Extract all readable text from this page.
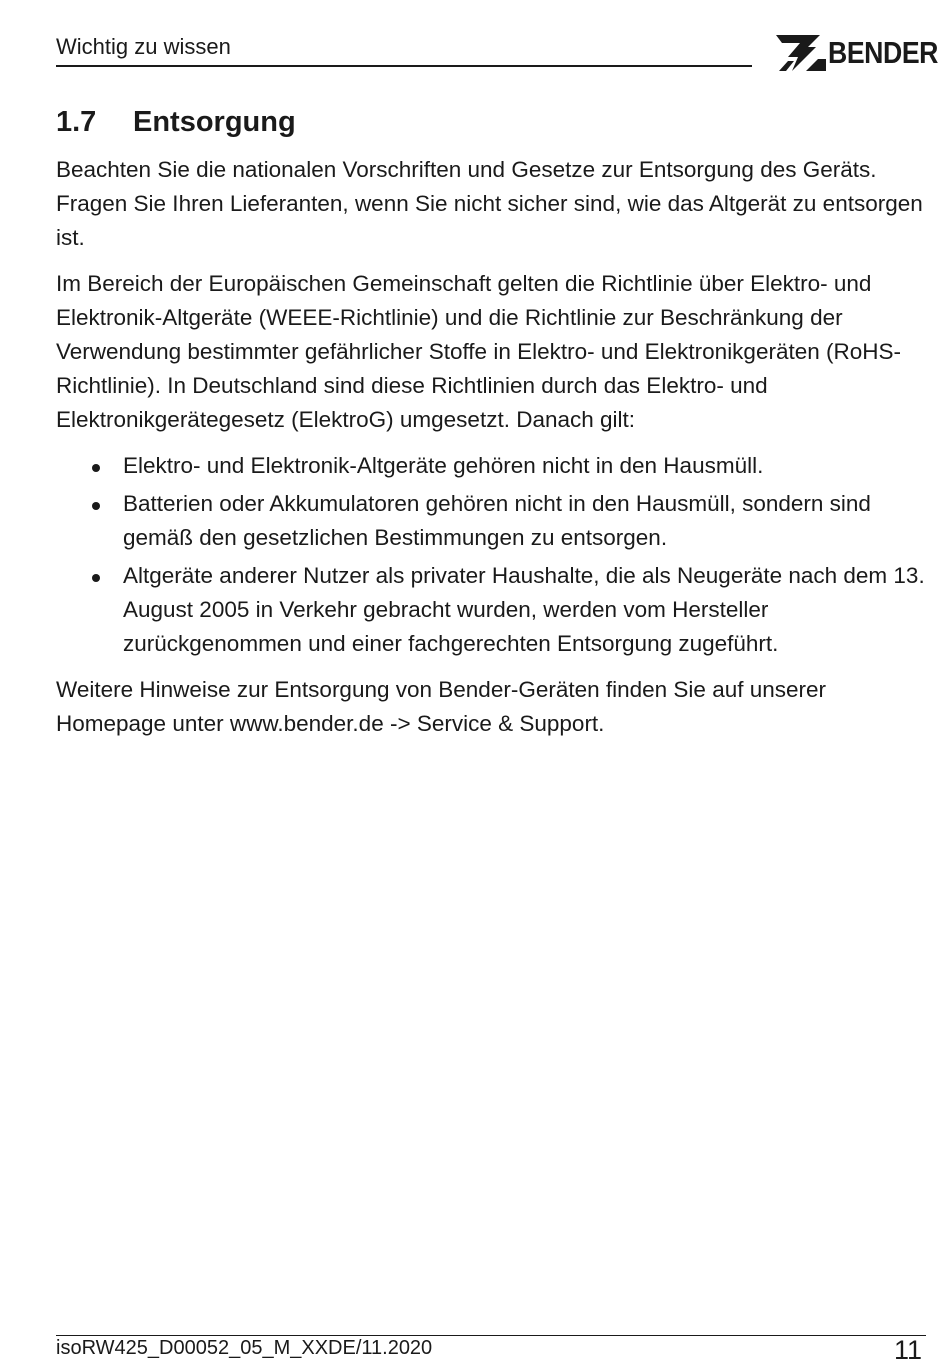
Wichtig zu wissen	BENDER
1.7	Entsorgung

Beachten Sie die nationalen Vorschriften und Gesetze zur Entsorgung des Geräts. Fragen Sie Ihren Lieferanten, wenn Sie nicht sicher sind, wie das Altgerät zu entsorgen ist.

Im Bereich der Europäischen Gemeinschaft gelten die Richtlinie über Elektro- und Elektronik-Altgeräte (WEEE-Richtlinie) und die Richtlinie zur Beschränkung der Verwendung bestimmter gefährlicher Stoffe in Elektro- und Elektronikgeräten (RoHS-Richtlinie). In Deutschland sind diese Richtlinien durch das Elektro- und Elektronikgerätegesetz (ElektroG) umgesetzt. Danach gilt:

Elektro- und Elektronik-Altgeräte gehören nicht in den Hausmüll.
Batterien oder Akkumulatoren gehören nicht in den Hausmüll, sondern sind gemäß den gesetzlichen Bestimmungen zu entsorgen.
Altgeräte anderer Nutzer als privater Haushalte, die als Neugeräte nach dem 13. August 2005 in Verkehr gebracht wurden, werden vom Hersteller zurückgenommen und einer fachgerechten Entsorgung zugeführt.

Weitere Hinweise zur Entsorgung von Bender-Geräten finden Sie auf unserer Homepage unter www.bender.de -> Service & Support.

isoRW425_D00052_05_M_XXDE/11.2020	11
